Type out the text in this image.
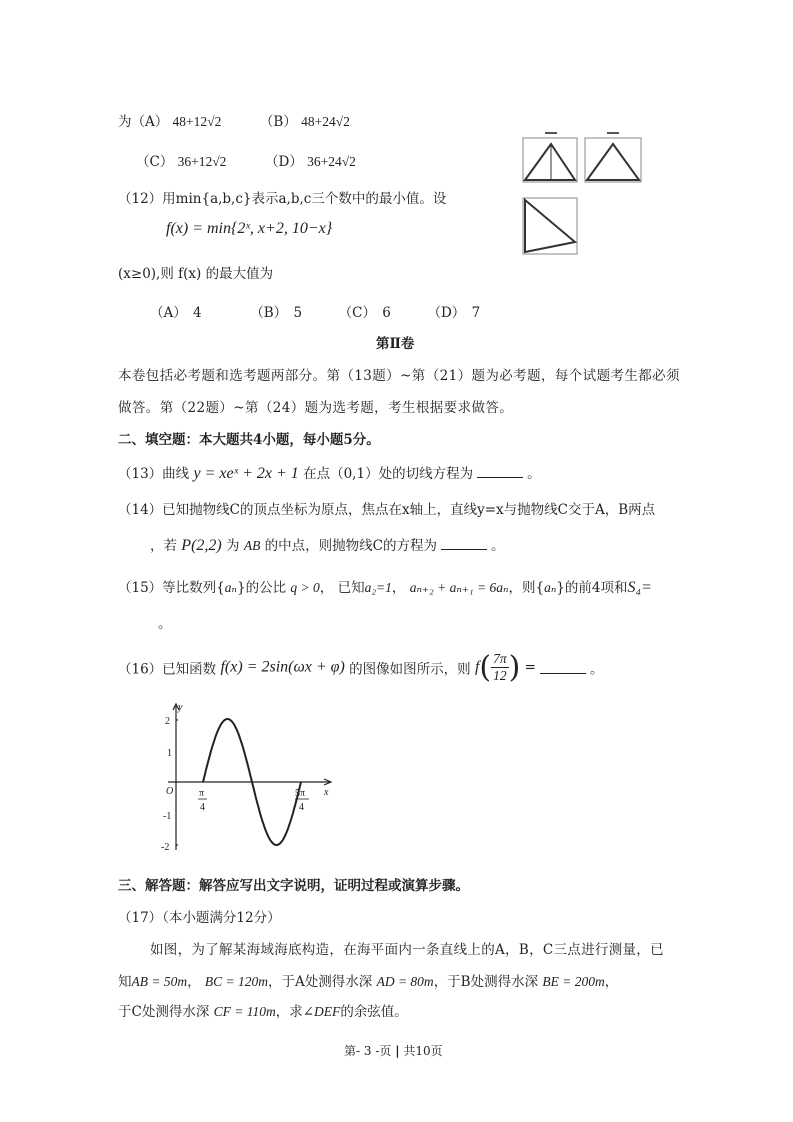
为（A） 48+12√2	（B） 48+24√2
（C） 36+12√2	（D） 36+24√2
（12）用min{a,b,c}表示a,b,c三个数中的最小值。设
f(x) = min{2ˣ, x+2, 10−x}
(x≥0),则 f(x) 的最大值为
（A） 4	（B） 5	（C） 6	（D） 7
第Ⅱ卷
本卷包括必考题和选考题两部分。第（13题）~第（21）题为必考题，每个试题考生都必须
做答。第（22题）~第（24）题为选考题，考生根据要求做答。
二、填空题：本大题共4小题，每小题5分。
（13）曲线 y = xeˣ + 2x + 1 在点（0,1）处的切线方程为	。
（14）已知抛物线C的顶点坐标为原点，焦点在x轴上，直线y=x与抛物线C交于A，B两点
，若 P(2,2) 为 AB 的中点，则抛物线C的方程为	。
（15）等比数列{aₙ}的公比 q > 0， 已知a₂=1， aₙ₊₂ + aₙ₊₁ = 6aₙ，则{aₙ}的前4项和S₄=
。
（16）已知函数 f(x) = 2sin(ωx + φ) 的图像如图所示，则 $f( \frac{7\pi}{12}$ ) =	。
y
x
O
2
1
-1
-2
π
4
5π
4
三、解答题：解答应写出文字说明，证明过程或演算步骤。
（17）（本小题满分12分）
如图，为了解某海域海底构造，在海平面内一条直线上的A，B，C三点进行测量，已
知AB = 50m， BC = 120m，于A处测得水深 AD = 80m，于B处测得水深 BE = 200m，
于C处测得水深 CF = 110m，求∠DEF的余弦值。
第- 3 -页 | 共10页
